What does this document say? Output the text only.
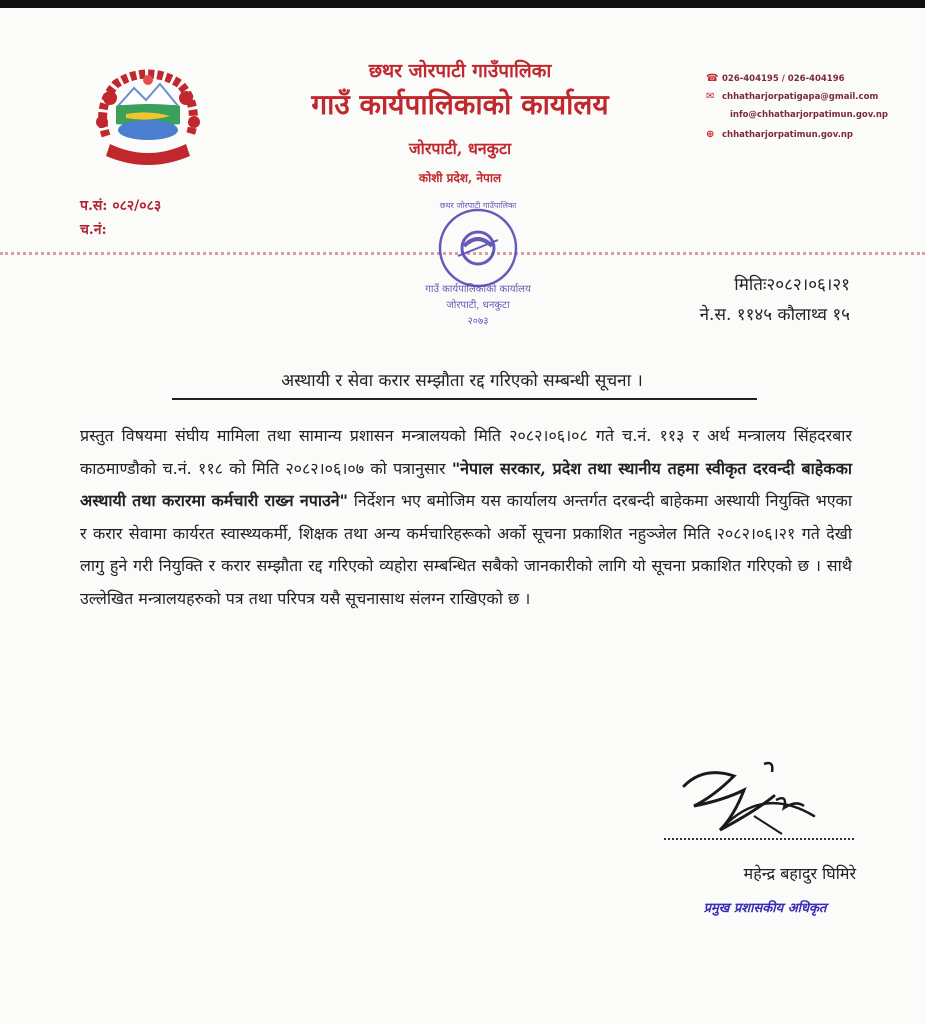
छथर जोरपाटी गाउँपालिका
गाउँ कार्यपालिकाको कार्यालय
जोरपाटी, धनकुटा
कोशी प्रदेश, नेपाल
☎ 026-404195 / 026-404196
✉ chhatharjorpatigapa@gmail.com
info@chhatharjorpatimun.gov.np
⊕ chhatharjorpatimun.gov.np
प.सं: ०८२/०८३
च.नं:
गाउँ कार्यपालिकाको कार्यालय
जोरपाटी, धनकुटा
२०७३
छथर जोरपाटी गाउँपालिका
मितिः२०८२।०६।२१
ने.स. ११४५ कौलाथ्व १५
अस्थायी र सेवा करार सम्झौता रद्द गरिएको सम्बन्धी सूचना ।
प्रस्तुत विषयमा संघीय मामिला तथा सामान्य प्रशासन मन्त्रालयको मिति २०८२।०६।०८ गते च.नं. ११३ र अर्थ मन्त्रालय सिंहदरबार काठमाण्डौको च.नं. ११८ को मिति २०८२।०६।०७ को पत्रानुसार "नेपाल सरकार, प्रदेश तथा स्थानीय तहमा स्वीकृत दरवन्दी बाहेकका अस्थायी तथा करारमा कर्मचारी राख्न नपाउने" निर्देशन भए बमोजिम यस कार्यालय अन्तर्गत दरबन्दी बाहेकमा अस्थायी नियुक्ति भएका र करार सेवामा कार्यरत स्वास्थ्यकर्मी, शिक्षक तथा अन्य कर्मचारिहरूको अर्को सूचना प्रकाशित नहुञ्जेल मिति २०८२।०६।२१ गते देखी लागु हुने गरी नियुक्ति र करार सम्झौता रद्द गरिएको व्यहोरा सम्बन्धित सबैको जानकारीको लागि यो सूचना प्रकाशित गरिएको छ । साथै उल्लेखित मन्त्रालयहरुको पत्र तथा परिपत्र यसै सूचनासाथ संलग्न राखिएको छ ।
महेन्द्र बहादुर घिमिरे
प्रमुख प्रशासकीय अधिकृत
